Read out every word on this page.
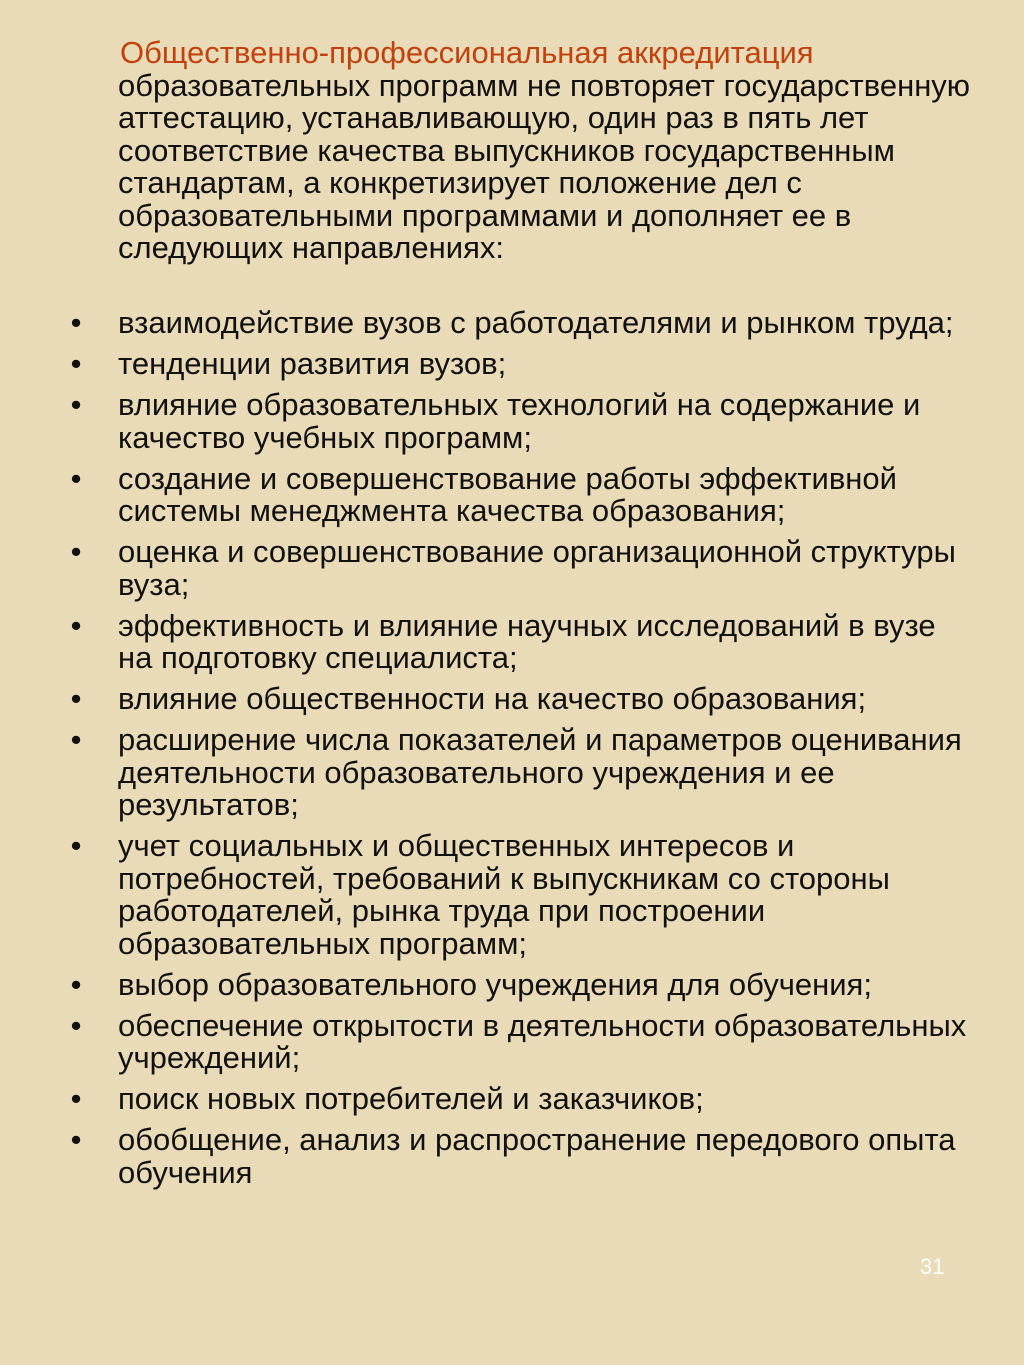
Общественно-профессиональная аккредитация
образовательных программ не повторяет государственную аттестацию, устанавливающую, один раз в пять лет соответствие качества выпускников государственным стандартам, а конкретизирует положение дел с образовательными программами и дополняет ее в следующих направлениях:

• взаимодействие вузов с работодателями и рынком труда;
• тенденции развития вузов;
• влияние образовательных технологий на содержание и качество учебных программ;
• создание и совершенствование работы эффективной системы менеджмента качества образования;
• оценка и совершенствование организационной структуры вуза;
• эффективность и влияние научных исследований в вузе на подготовку специалиста;
• влияние общественности на качество образования;
• расширение числа показателей и параметров оценивания деятельности образовательного учреждения и ее результатов;
• учет социальных и общественных интересов и потребностей, требований к выпускникам со стороны работодателей, рынка труда при построении образовательных программ;
• выбор образовательного учреждения для обучения;
• обеспечение открытости в деятельности образовательных учреждений;
• поиск новых потребителей и заказчиков;
• обобщение, анализ и распространение передового опыта обучения.
31
